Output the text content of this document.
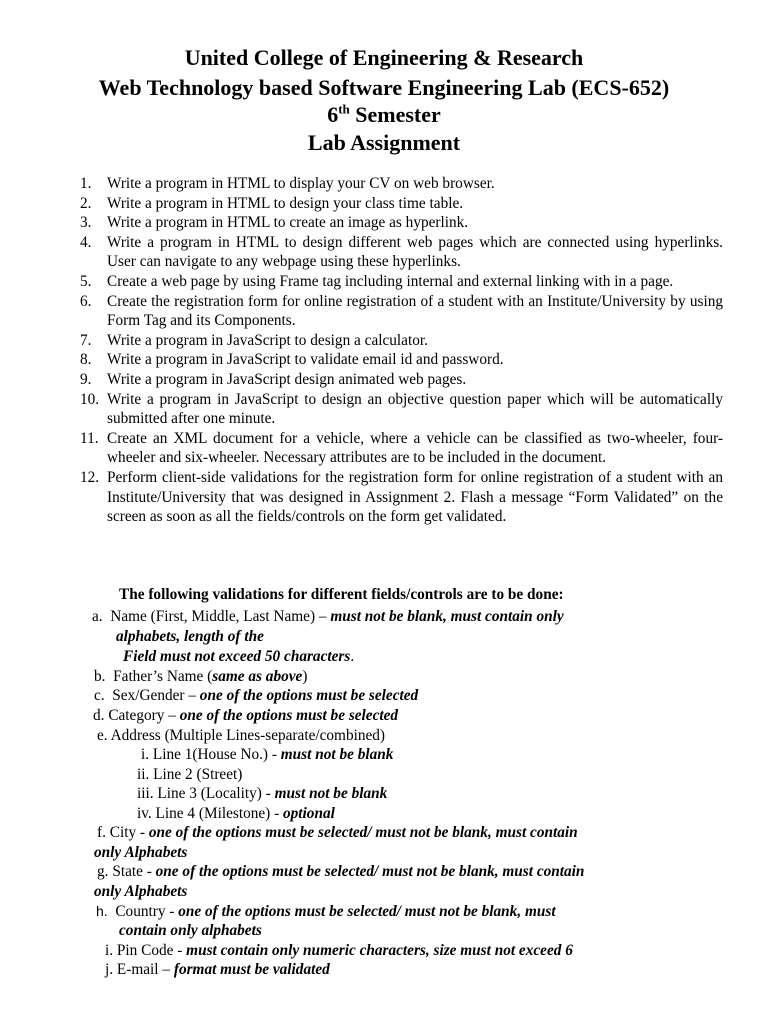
United College of Engineering & Research
Web Technology based Software Engineering Lab (ECS-652)
6th Semester
Lab Assignment
1.	Write a program in HTML to display your CV on web browser.
2.	Write a program in HTML to design your class time table.
3.	Write a program in HTML to create an image as hyperlink.
4.	Write a program in HTML to design different web pages which are connected using hyperlinks. User can navigate to any webpage using these hyperlinks.
5.	Create a web page by using Frame tag including internal and external linking with in a page.
6.	Create the registration form for online registration of a student with an Institute/University by using Form Tag and its Components.
7.	Write a program in JavaScript to design a calculator.
8.	Write a program in JavaScript to validate email id and password.
9.	Write a program in JavaScript design animated web pages.
10. Write a program in JavaScript to design an objective question paper which will be automatically submitted after one minute.
11. Create an XML document for a vehicle, where a vehicle can be classified as two-wheeler, four-wheeler and six-wheeler. Necessary attributes are to be included in the document.
12. Perform client-side validations for the registration form for online registration of a student with an Institute/University that was designed in Assignment 2. Flash a message “Form Validated” on the screen as soon as all the fields/controls on the form get validated.
The following validations for different fields/controls are to be done:
a. Name (First, Middle, Last Name) – must not be blank, must contain only
alphabets, length of the
Field must not exceed 50 characters.
b. Father’s Name (same as above)
c. Sex/Gender – one of the options must be selected
d. Category – one of the options must be selected
e. Address (Multiple Lines-separate/combined)
i. Line 1(House No.) - must not be blank
ii. Line 2 (Street)
iii. Line 3 (Locality) - must not be blank
iv. Line 4 (Milestone) - optional
f. City - one of the options must be selected/ must not be blank, must contain
only Alphabets
g. State - one of the options must be selected/ must not be blank, must contain
only Alphabets
h. Country - one of the options must be selected/ must not be blank, must
contain only alphabets
i. Pin Code - must contain only numeric characters, size must not exceed 6
j. E-mail – format must be validated
